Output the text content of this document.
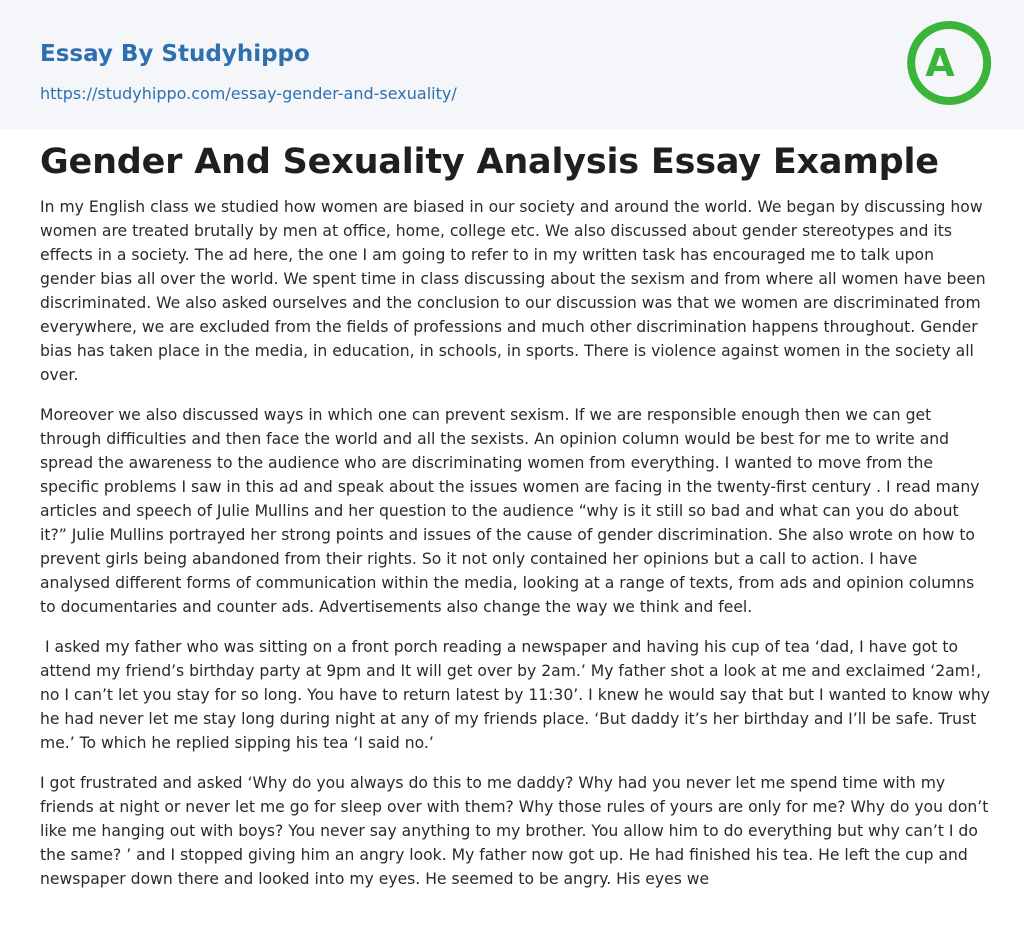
Essay By Studyhippo
https://studyhippo.com/essay-gender-and-sexuality/
A
Gender And Sexuality Analysis Essay Example

In my English class we studied how women are biased in our society and around the world. We began by discussing how women are treated brutally by men at office, home, college etc. We also discussed about gender stereotypes and its effects in a society. The ad here, the one I am going to refer to in my written task has encouraged me to talk upon gender bias all over the world. We spent time in class discussing about the sexism and from where all women have been discriminated. We also asked ourselves and the conclusion to our discussion was that we women are discriminated from everywhere, we are excluded from the fields of professions and much other discrimination happens throughout. Gender bias has taken place in the media, in education, in schools, in sports. There is violence against women in the society all over.

Moreover we also discussed ways in which one can prevent sexism. If we are responsible enough then we can get through difficulties and then face the world and all the sexists. An opinion column would be best for me to write and spread the awareness to the audience who are discriminating women from everything. I wanted to move from the specific problems I saw in this ad and speak about the issues women are facing in the twenty-first century . I read many articles and speech of Julie Mullins and her question to the audience “why is it still so bad and what can you do about it?” Julie Mullins portrayed her strong points and issues of the cause of gender discrimination. She also wrote on how to prevent girls being abandoned from their rights. So it not only contained her opinions but a call to action. I have analysed different forms of communication within the media, looking at a range of texts, from ads and opinion columns to documentaries and counter ads. Advertisements also change the way we think and feel.

I asked my father who was sitting on a front porch reading a newspaper and having his cup of tea ‘dad, I have got to attend my friend’s birthday party at 9pm and It will get over by 2am.’ My father shot a look at me and exclaimed ‘2am!, no I can’t let you stay for so long. You have to return latest by 11:30’. I knew he would say that but I wanted to know why he had never let me stay long during night at any of my friends place. ‘But daddy it’s her birthday and I’ll be safe. Trust me.’ To which he replied sipping his tea ‘I said no.’

I got frustrated and asked ‘Why do you always do this to me daddy? Why had you never let me spend time with my friends at night or never let me go for sleep over with them? Why those rules of yours are only for me? Why do you don’t like me hanging out with boys? You never say anything to my brother. You allow him to do everything but why can’t I do the same? ’ and I stopped giving him an angry look. My father now got up. He had finished his tea. He left the cup and newspaper down there and looked into my eyes. He seemed to be angry. His eyes we
